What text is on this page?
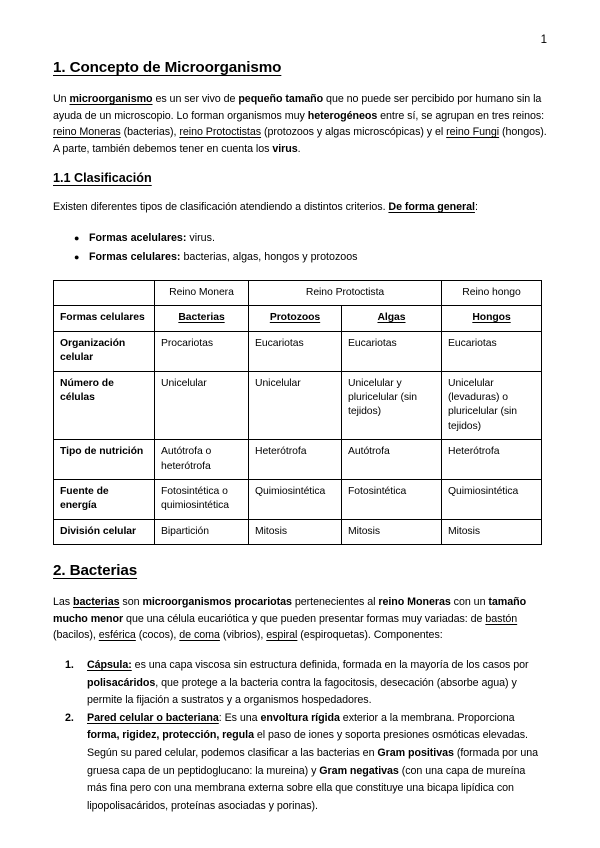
1
1. Concepto de Microorganismo

Un microorganismo es un ser vivo de pequeño tamaño que no puede ser percibido por humano sin la ayuda de un microscopio. Lo forman organismos muy heterogéneos entre sí, se agrupan en tres reinos: reino Moneras (bacterias), reino Protoctistas (protozoos y algas microscópicas) y el reino Fungi (hongos). A parte, también debemos tener en cuenta los virus.

1.1 Clasificación

Existen diferentes tipos de clasificación atendiendo a distintos criterios. De forma general:

● Formas acelulares: virus.
● Formas celulares: bacterias, algas, hongos y protozoos
	Reino Monera	Reino Protoctista		Reino hongo
Formas celulares	Bacterias	Protozoos	Algas	Hongos
Organización celular	Procariotas	Eucariotas	Eucariotas	Eucariotas
Número de células	Unicelular	Unicelular	Unicelular y pluricelular (sin tejidos)	Unicelular (levaduras) o pluricelular (sin tejidos)
Tipo de nutrición	Autótrofa o heterótrofa	Heterótrofa	Autótrofa	Heterótrofa
Fuente de energía	Fotosintética o quimiosintética	Quimiosintética	Fotosintética	Quimiosintética
División celular	Bipartición	Mitosis	Mitosis	Mitosis
2. Bacterias

Las bacterias son microorganismos procariotas pertenecientes al reino Moneras con un tamaño mucho menor que una célula eucariótica y que pueden presentar formas muy variadas: de bastón (bacilos), esférica (cocos), de coma (vibrios), espiral (espiroquetas). Componentes:

1. Cápsula: es una capa viscosa sin estructura definida, formada en la mayoría de los casos por polisacáridos, que protege a la bacteria contra la fagocitosis, desecación (absorbe agua) y permite la fijación a sustratos y a organismos hospedadores.
2. Pared celular o bacteriana: Es una envoltura rígida exterior a la membrana. Proporciona forma, rigidez, protección, regula el paso de iones y soporta presiones osmóticas elevadas. Según su pared celular, podemos clasificar a las bacterias en Gram positivas (formada por una gruesa capa de un peptidoglucano: la mureina) y Gram negativas (con una capa de mureína más fina pero con una membrana externa sobre ella que constituye una bicapa lipídica con lipopolisacáridos, proteínas asociadas y porinas).
